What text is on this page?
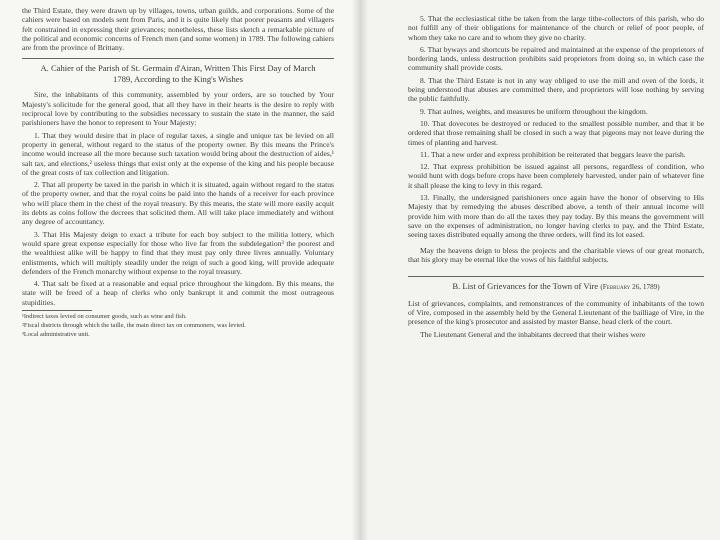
the Third Estate, they were drawn up by villages, towns, urban guilds, and corporations. Some of the cahiers were based on models sent from Paris, and it is quite likely that poorer peasants and villagers felt constrained in expressing their grievances; nonetheless, these lists sketch a remarkable picture of the political and economic concerns of French men (and some women) in 1789. The following cahiers are from the province of Brittany.

A. Cahier of the Parish of St. Germain d'Airan, Written This First Day of March 1789, According to the King's Wishes

Sire, the inhabitants of this community, assembled by your orders, are so touched by Your Majesty's solicitude for the general good, that all they have in their hearts is the desire to reply with reciprocal love by contributing to the subsidies necessary to sustain the state in the manner, the said parishioners have the honor to represent to Your Majesty:

1. That they would desire that in place of regular taxes, a single and unique tax be levied on all property in general, without regard to the status of the property owner. By this means the Prince's income would increase all the more because such taxation would bring about the destruction of aides,¹ salt tax, and elections,² useless things that exist only at the expense of the king and his people because of the great costs of tax collection and litigation.

2. That all property be taxed in the parish in which it is situated, again without regard to the status of the property owner, and that the royal coins be paid into the hands of a receiver for each province who will place them in the chest of the royal treasury. By this means, the state will more easily acquit its debts as coins follow the decrees that solicited them. All will take place immediately and without any degree of accountancy.

3. That His Majesty deign to exact a tribute for each boy subject to the militia lottery, which would spare great expense especially for those who live far from the subdelegation³ the poorest and the wealthiest alike will be happy to find that they must pay only three livres annually. Voluntary enlistments, which will multiply steadily under the reign of such a good king, will provide adequate defenders of the French monarchy without expense to the royal treasury.

4. That salt be fixed at a reasonable and equal price throughout the kingdom. By this means, the state will be freed of a heap of clerks who only bankrupt it and commit the most outrageous stupidities.

¹Indirect taxes levied on consumer goods, such as wine and fish.

²Fiscal districts through which the taille, the main direct tax on commoners, was levied.

³Local administrative unit.

5. That the ecclesiastical tithe be taken from the large tithe-collectors of this parish, who do not fulfill any of their obligations for maintenance of the church or relief of poor people, of whom they take no care and to whom they give no charity.

6. That byways and shortcuts be repaired and maintained at the expense of the proprietors of bordering lands, unless destruction prohibits said proprietors from doing so, in which case the community shall provide costs.

8. That the Third Estate is not in any way obliged to use the mill and oven of the lords, it being understood that abuses are committed there, and proprietors will lose nothing by serving the public faithfully.

9. That aulnes, weights, and measures be uniform throughout the kingdom.

10. That dovecotes be destroyed or reduced to the smallest possible number, and that it be ordered that those remaining shall be closed in such a way that pigeons may not leave during the times of planting and harvest.

11. That a new order and express prohibition be reiterated that beggars leave the parish.

12. That express prohibition be issued against all persons, regardless of condition, who would hunt with dogs before crops have been completely harvested, under pain of whatever fine it shall please the king to levy in this regard.

13. Finally, the undersigned parishioners once again have the honor of observing to His Majesty that by remedying the abuses described above, a tenth of their annual income will provide him with more than do all the taxes they pay today. By this means the government will save on the expenses of administration, no longer having clerks to pay, and the Third Estate, seeing taxes distributed equally among the three orders, will find its lot eased.

May the heavens deign to bless the projects and the charitable views of our great monarch, that his glory may be eternal like the vows of his faithful subjects.

B. List of Grievances for the Town of Vire (February 26, 1789)

List of grievances, complaints, and remonstrances of the community of inhabitants of the town of Vire, composed in the assembly held by the General Lieutenant of the bailliage of Vire, in the presence of the king's prosecutor and assisted by master Banse, head clerk of the court.

The Lieutenant General and the inhabitants decreed that their wishes were
